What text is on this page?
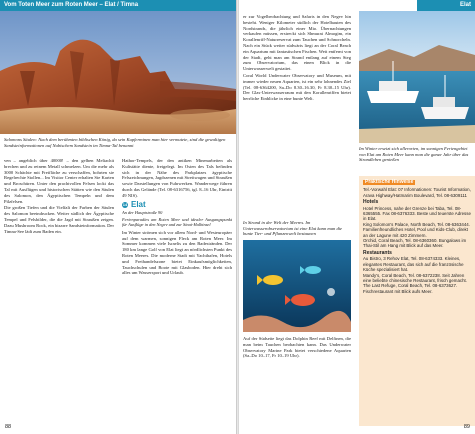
Vom Toten Meer zum Roten Meer – Elat / Timna
Salomons Säulen: Nach dem berühmten biblischen König, da sein Kupferminen man hier vermutete, sind die gewaltigen Sandsteinformationen auf Nubischem Sandstein im Timna-Tal benannt

ven – angeblich über 40000! – den gelben Meliachit brechen und zu reinem Metall schmelzen. Um die mehr als 3000 Schächte mit Freifläche zu verschaffen, bohrten sie Regelrechte Stollen... Im Visitor Center erhalten Sie Karten und Broschüren. Unter den prachtvollen Felsen lockt das Tal mit Ausflügen und historischen Stätten wie den Säulen des Salomon, den Ägyptischen Tempeln und dem Pilzfelsen.

Die großen Tiefen und die Vielfalt der Farben der Säulen des Salomon beeindrucken. Weiter südlich der Ägyptische Tempel und Felsbilder, die die Jagd mit Straußen zeigen. Dazu Mushroom Rock, ein bizarre Sandsteinformation. Der Timna-See lädt zum Baden ein.

Hathor-Tempels, der den antiken Minenarbeiten als Kultstätte diente, freigelegt. Im Osten des Tals befinden sich in der Nähe des Parkplatzes ägyptische Felszeichnungen, Jagdszenen mit Streitwagen und Straußen sowie Darstellungen von Fuhrwerken. Wanderwege führen durch das Gelände (Tel. 08-6316756, tgl. 8–16 Uhr, Eintritt 49 NIS).

14 Elat
An der Hauptstraße 90
Ferienparadies am Roten Meer und idealer Ausgangspunkt für Ausflüge in den Negev und zur Sinai-Halbinsel

Im Winter strömen sich vor allem Nord- und Westeuropäer auf dem warmen, sonnigen Fleck am Roten Meer. Im Sommer kommen viele Israelis zu den Badestränden. Der 180 km lange Golf von Elat liegt an nördlichsten Punkt des Roten Meeres. Die moderne Stadt mit Yachthafen, Hotels und Freihandelszone bietet Einkaufsmöglichkeiten, Tauchschulen und Boote mit Glasboden. Hier dreht sich alles um Wassersport und Urlaub.

88
Elat

er zur Vogelbeobachtung und Safaris in den Negev hin besteht. Weniger Kilometer südlich der Hotelbauten des Nordstrands, die jährlich einer Mio. Übernachtungen verkaufen müssen, erstreckt sich Shmurat Almogim, ein Korallenriff-Naturreservat zum Tauchen und Schnorcheln. Nach ein Stück weiter südwärts liegt an der Coral Beach ein Aquarium mit fantastischen Fischen. Weit entfernt von der Stadt, geht man am Strand entlang auf einem Steg zum Observatorium, das einen Blick in die Unterwasserwelt gestattet.

Coral World Underwater Observatory und Museum, mit immer wieder neuen Aquarien, ist ein sehr lohnendes Ziel (Tel. 08-6364200, Sa–Do 8.30–16.30, Fr 8.30–15 Uhr). Der Glas-Unterwasserraum mit den Korallenriffen bietet herrliche Einblicke in eine bunte Welt.

In Strand in der Welt der Meeres. Im Unterwasserobservatorium ist eine Elat kann man die bunte Tier- und Pflanzenwelt bestaunen

Auf der Südseite liegt das Dolphin Reef mit Delfinen, die man beim Tauchen beobachten kann. Das Underwater Observatory Marine Park bietet verschiedene Aquarien (Sa–Do 10–17, Fr 10–19 Uhr).

Im Winter ersetzt sich allerorten, im sonnigen Feriengebiet von Elat am Roten Meer kann man die ganze Jahr über das Strandleben genießen
Praktische Hinweise
Tel.-Vorwahl Elat: 07 Informationen: Tourist Information, Arava Highway/Hatmarim Boulevard, Tel. 08-6309111
Hotels
Hotel Princess, nahe der Grenze bei Taba, Tel. 08-6365555. Fax 08-6376333. Beste und teuerste Adresse in Elat.
King Solomon's Palace, North Beach, Tel. 08-6363444. Familienfreundliches Hotel, Pool und Kids-Club, direkt an der Lagune mit 420 Zimmern.
Orchid, Coral Beach, Tel. 08-6360360. Bungalows im Thai-Stil am Hang mit Blick auf das Meer.
Restaurants
Au Bistro, 3 Rehov Elat, Tel. 08-6374333. Kleines, elegantes Restaurant, das sich auf die französische Küche spezialisiert hat.
Mandy's, Coral Beach, Tel. 08-6372238. Seit Jahren eine beliebte chinesische Restaurant, frisch gemacht.
The Last Refuge, Coral Beach, Tel. 08-6373627. Fischrestaurant mit Blick aufs Meer.
89
